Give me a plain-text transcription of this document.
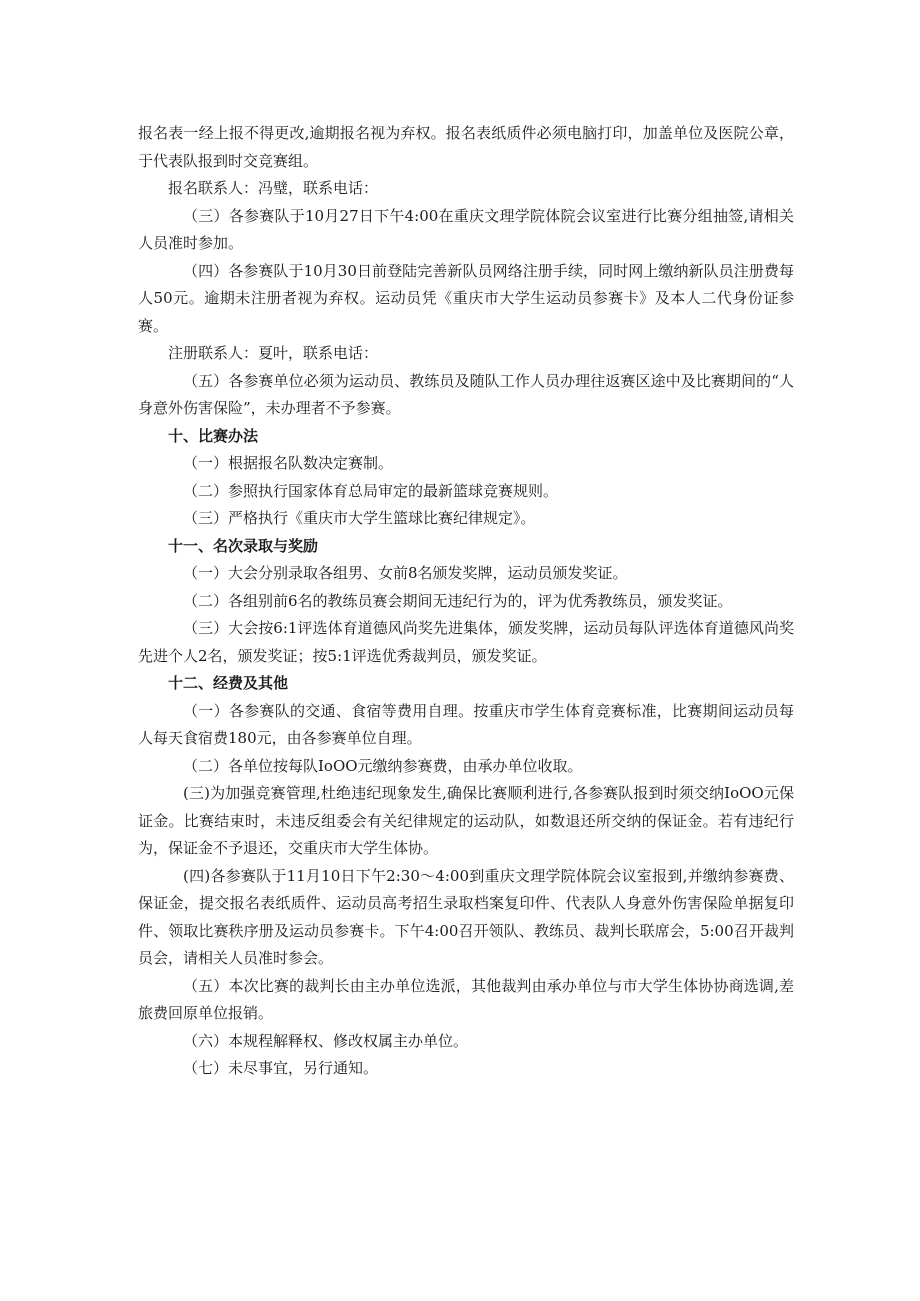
报名表一经上报不得更改,逾期报名视为弃权。报名表纸质件必须电脑打印，加盖单位及医院公章，于代表队报到时交竞赛组。

报名联系人：冯璧，联系电话：

（三）各参赛队于10月27日下午4:00在重庆文理学院体院会议室进行比赛分组抽签,请相关人员准时参加。

（四）各参赛队于10月30日前登陆完善新队员网络注册手续，同时网上缴纳新队员注册费每人50元。逾期未注册者视为弃权。运动员凭《重庆市大学生运动员参赛卡》及本人二代身份证参赛。

注册联系人：夏叶，联系电话：

（五）各参赛单位必须为运动员、教练员及随队工作人员办理往返赛区途中及比赛期间的“人身意外伤害保险”，未办理者不予参赛。

十、比赛办法

（一）根据报名队数决定赛制。

（二）参照执行国家体育总局审定的最新篮球竞赛规则。

（三）严格执行《重庆市大学生篮球比赛纪律规定》。

十一、名次录取与奖励

（一）大会分别录取各组男、女前8名颁发奖牌，运动员颁发奖证。

（二）各组别前6名的教练员赛会期间无违纪行为的，评为优秀教练员，颁发奖证。

（三）大会按6:1评选体育道德风尚奖先进集体，颁发奖牌，运动员每队评选体育道德风尚奖先进个人2名，颁发奖证；按5:1评选优秀裁判员，颁发奖证。

十二、经费及其他

（一）各参赛队的交通、食宿等费用自理。按重庆市学生体育竞赛标准，比赛期间运动员每人每天食宿费180元，由各参赛单位自理。

（二）各单位按每队IoOO元缴纳参赛费，由承办单位收取。

(三)为加强竞赛管理,杜绝违纪现象发生,确保比赛顺利进行,各参赛队报到时须交纳IoOO元保证金。比赛结束时，未违反组委会有关纪律规定的运动队，如数退还所交纳的保证金。若有违纪行为，保证金不予退还，交重庆市大学生体协。

(四)各参赛队于11月10日下午2:30～4:00到重庆文理学院体院会议室报到,并缴纳参赛费、保证金，提交报名表纸质件、运动员高考招生录取档案复印件、代表队人身意外伤害保险单据复印件、领取比赛秩序册及运动员参赛卡。下午4:00召开领队、教练员、裁判长联席会，5:00召开裁判员会，请相关人员准时参会。

（五）本次比赛的裁判长由主办单位选派，其他裁判由承办单位与市大学生体协协商选调,差旅费回原单位报销。

（六）本规程解释权、修改权属主办单位。

（七）未尽事宜，另行通知。
